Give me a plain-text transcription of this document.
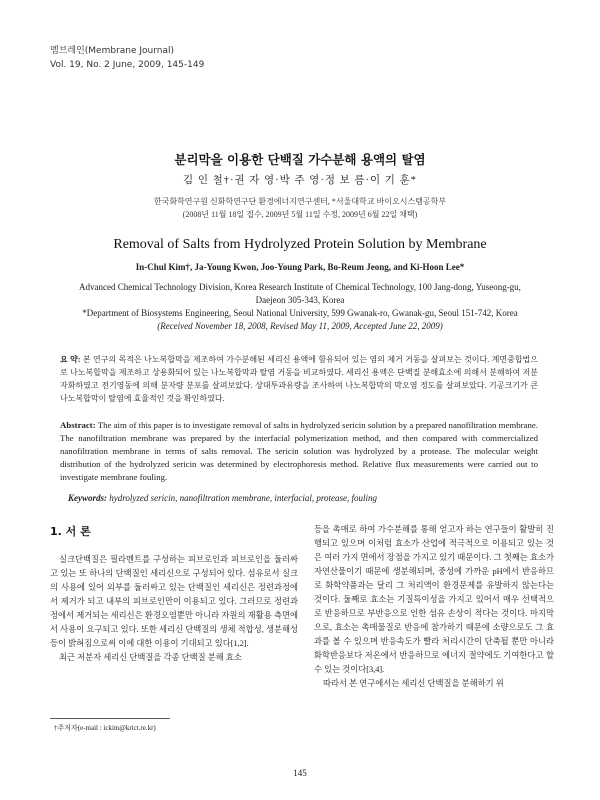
멤브레인(Membrane Journal)
Vol. 19, No. 2 June, 2009, 145-149
분리막을 이용한 단백질 가수분해 용액의 탈염
김 인 철†·권 자 영·박 주 영·정 보 름·이 기 훈*
한국화학연구원 신화학연구단 환경에너지연구센터, *서울대학교 바이오시스템공학부
(2008년 11월 18일 접수, 2009년 5월 11일 수정, 2009년 6월 22일 채택)
Removal of Salts from Hydrolyzed Protein Solution by Membrane
In-Chul Kim†, Ja-Young Kwon, Joo-Young Park, Bo-Reum Jeong, and Ki-Hoon Lee*
Advanced Chemical Technology Division, Korea Research Institute of Chemical Technology, 100 Jang-dong, Yuseong-gu,
Daejeon 305-343, Korea
*Department of Biosystems Engineering, Seoul National University, 599 Gwanak-ro, Gwanak-gu, Seoul 151-742, Korea
(Received November 18, 2008, Revised May 11, 2009, Accepted June 22, 2009)
요 약: 본 연구의 목적은 나노복합막을 제조하여 가수분해된 세리신 용액에 함유되어 있는 염의 제거 거동을 살펴보는 것이다. 계면중합법으로 나노복합막을 제조하고 상용화되어 있는 나노복합막과 탈염 거동을 비교하였다. 세리신 용액은 단백질 분해효소에 의해서 분해하여 저분자화하였고 전기영동에 의해 분자량 분포를 살펴보았다. 상대투과유량을 조사하여 나노복합막의 막오염 정도를 살펴보았다. 기공크기가 큰 나노복합막이 탈염에 효율적인 것을 확인하였다.
Abstract: The aim of this paper is to investigate removal of salts in hydrolyzed sericin solution by a prepared nanofiltration membrane. The nanofiltration membrane was prepared by the interfacial polymerization method, and then compared with commercialized nanofiltration membrane in terms of salts removal. The sericin solution was hydrolyzed by a protease. The molecular weight distribution of the hydrolyzed sericin was determined by electrophoresis method. Relative flux measurements were carried out to investigate membrane fouling.
Keywords: hydrolyzed sericin, nanofiltration membrane, interfacial, protease, fouling
1. 서 론

실크단백질은 필라멘트를 구성하는 피브로인과 피브로인을 둘러싸고 있는 또 하나의 단백질인 세리신으로 구성되어 있다. 섬유로서 실크의 사용에 있어 외부를 둘러싸고 있는 단백질인 세리신은 정련과정에서 제거가 되고 내부의 피브로인만이 이용되고 있다. 그러므로 정련과정에서 제거되는 세리신은 환경오염뿐만 아니라 자원의 재활용 측면에서 사용이 요구되고 있다. 또한 세리신 단백질의 생체 적합성, 생분해성 등이 밝혀짐으로써 이에 대한 이용이 기대되고 있다[1,2].

최근 저분자 세리신 단백질을 각종 단백질 분해 효소

등을 촉매로 하여 가수분해를 통해 얻고자 하는 연구들이 활발히 진행되고 있으며 이처럼 효소가 산업에 적극적으로 이용되고 있는 것은 여러 가지 면에서 장점을 가지고 있기 때문이다. 그 첫째는 효소가 자연산물이기 때문에 생분해되며, 중성에 가까운 pH에서 반응하므로 화학약품과는 달리 그 처리액이 환경문제를 유발하지 않는다는 것이다. 둘째로 효소는 기질특이성을 가지고 있어서 매우 선택적으로 반응하므로 부반응으로 인한 섬유 손상이 적다는 것이다. 마지막으로, 효소는 촉매물질로 반응에 참가하기 때문에 소량으로도 그 효과를 볼 수 있으며 반응속도가 빨라 처리시간이 단축될 뿐만 아니라 화학반응보다 저온에서 반응하므로 에너지 절약에도 기여한다고 할 수 있는 것이다[3,4].

따라서 본 연구에서는 세리신 단백질을 분해하기 위

†주저자(e-mail : ickim@krict.re.kr)
145
